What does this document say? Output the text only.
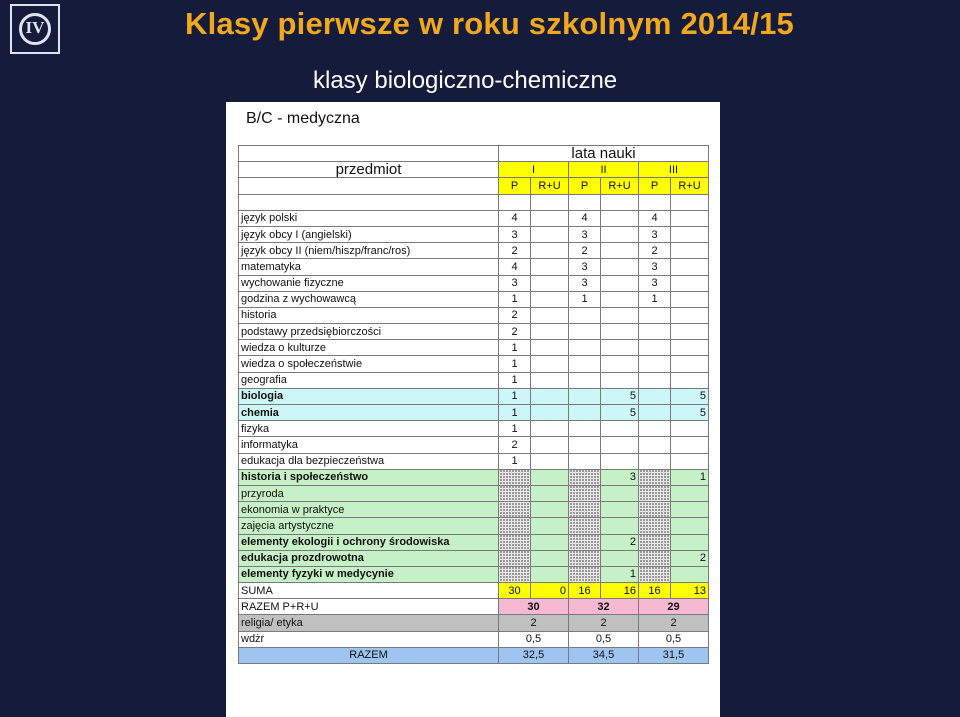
IV	Klasy pierwsze w roku szkolnym 2014/15
klasy biologiczno-chemiczne
B/C - medyczna
	lata nauki					
przedmiot	I		II		III	
	P	R+U	P	R+U	P	R+U

język polski	4		4		4	
język obcy I (angielski)	3		3		3	
język obcy II (niem/hiszp/franc/ros)	2		2		2	
matematyka	4		3		3	
wychowanie fizyczne	3		3		3	
godzina z wychowawcą	1		1		1	
historia	2					
podstawy przedsiębiorczości	2					
wiedza o kulturze	1					
wiedza o społeczeństwie	1					
geografia	1					
biologia	1			5		5
chemia	1			5		5
fizyka	1					
informatyka	2					
edukacja dla bezpieczeństwa	1					
historia i społeczeństwo				3		1
przyroda						
ekonomia w praktyce						
zajęcia artystyczne						
elementy ekologii i ochrony środowiska				2		
edukacja prozdrowotna						2
elementy fyzyki w medycynie				1		
SUMA	30	0	16	16	16	13
RAZEM P+R+U	30		32		29	
religia/ etyka	2		2		2	
wdżr	0,5		0,5		0,5	
RAZEM	32,5		34,5		31,5	
